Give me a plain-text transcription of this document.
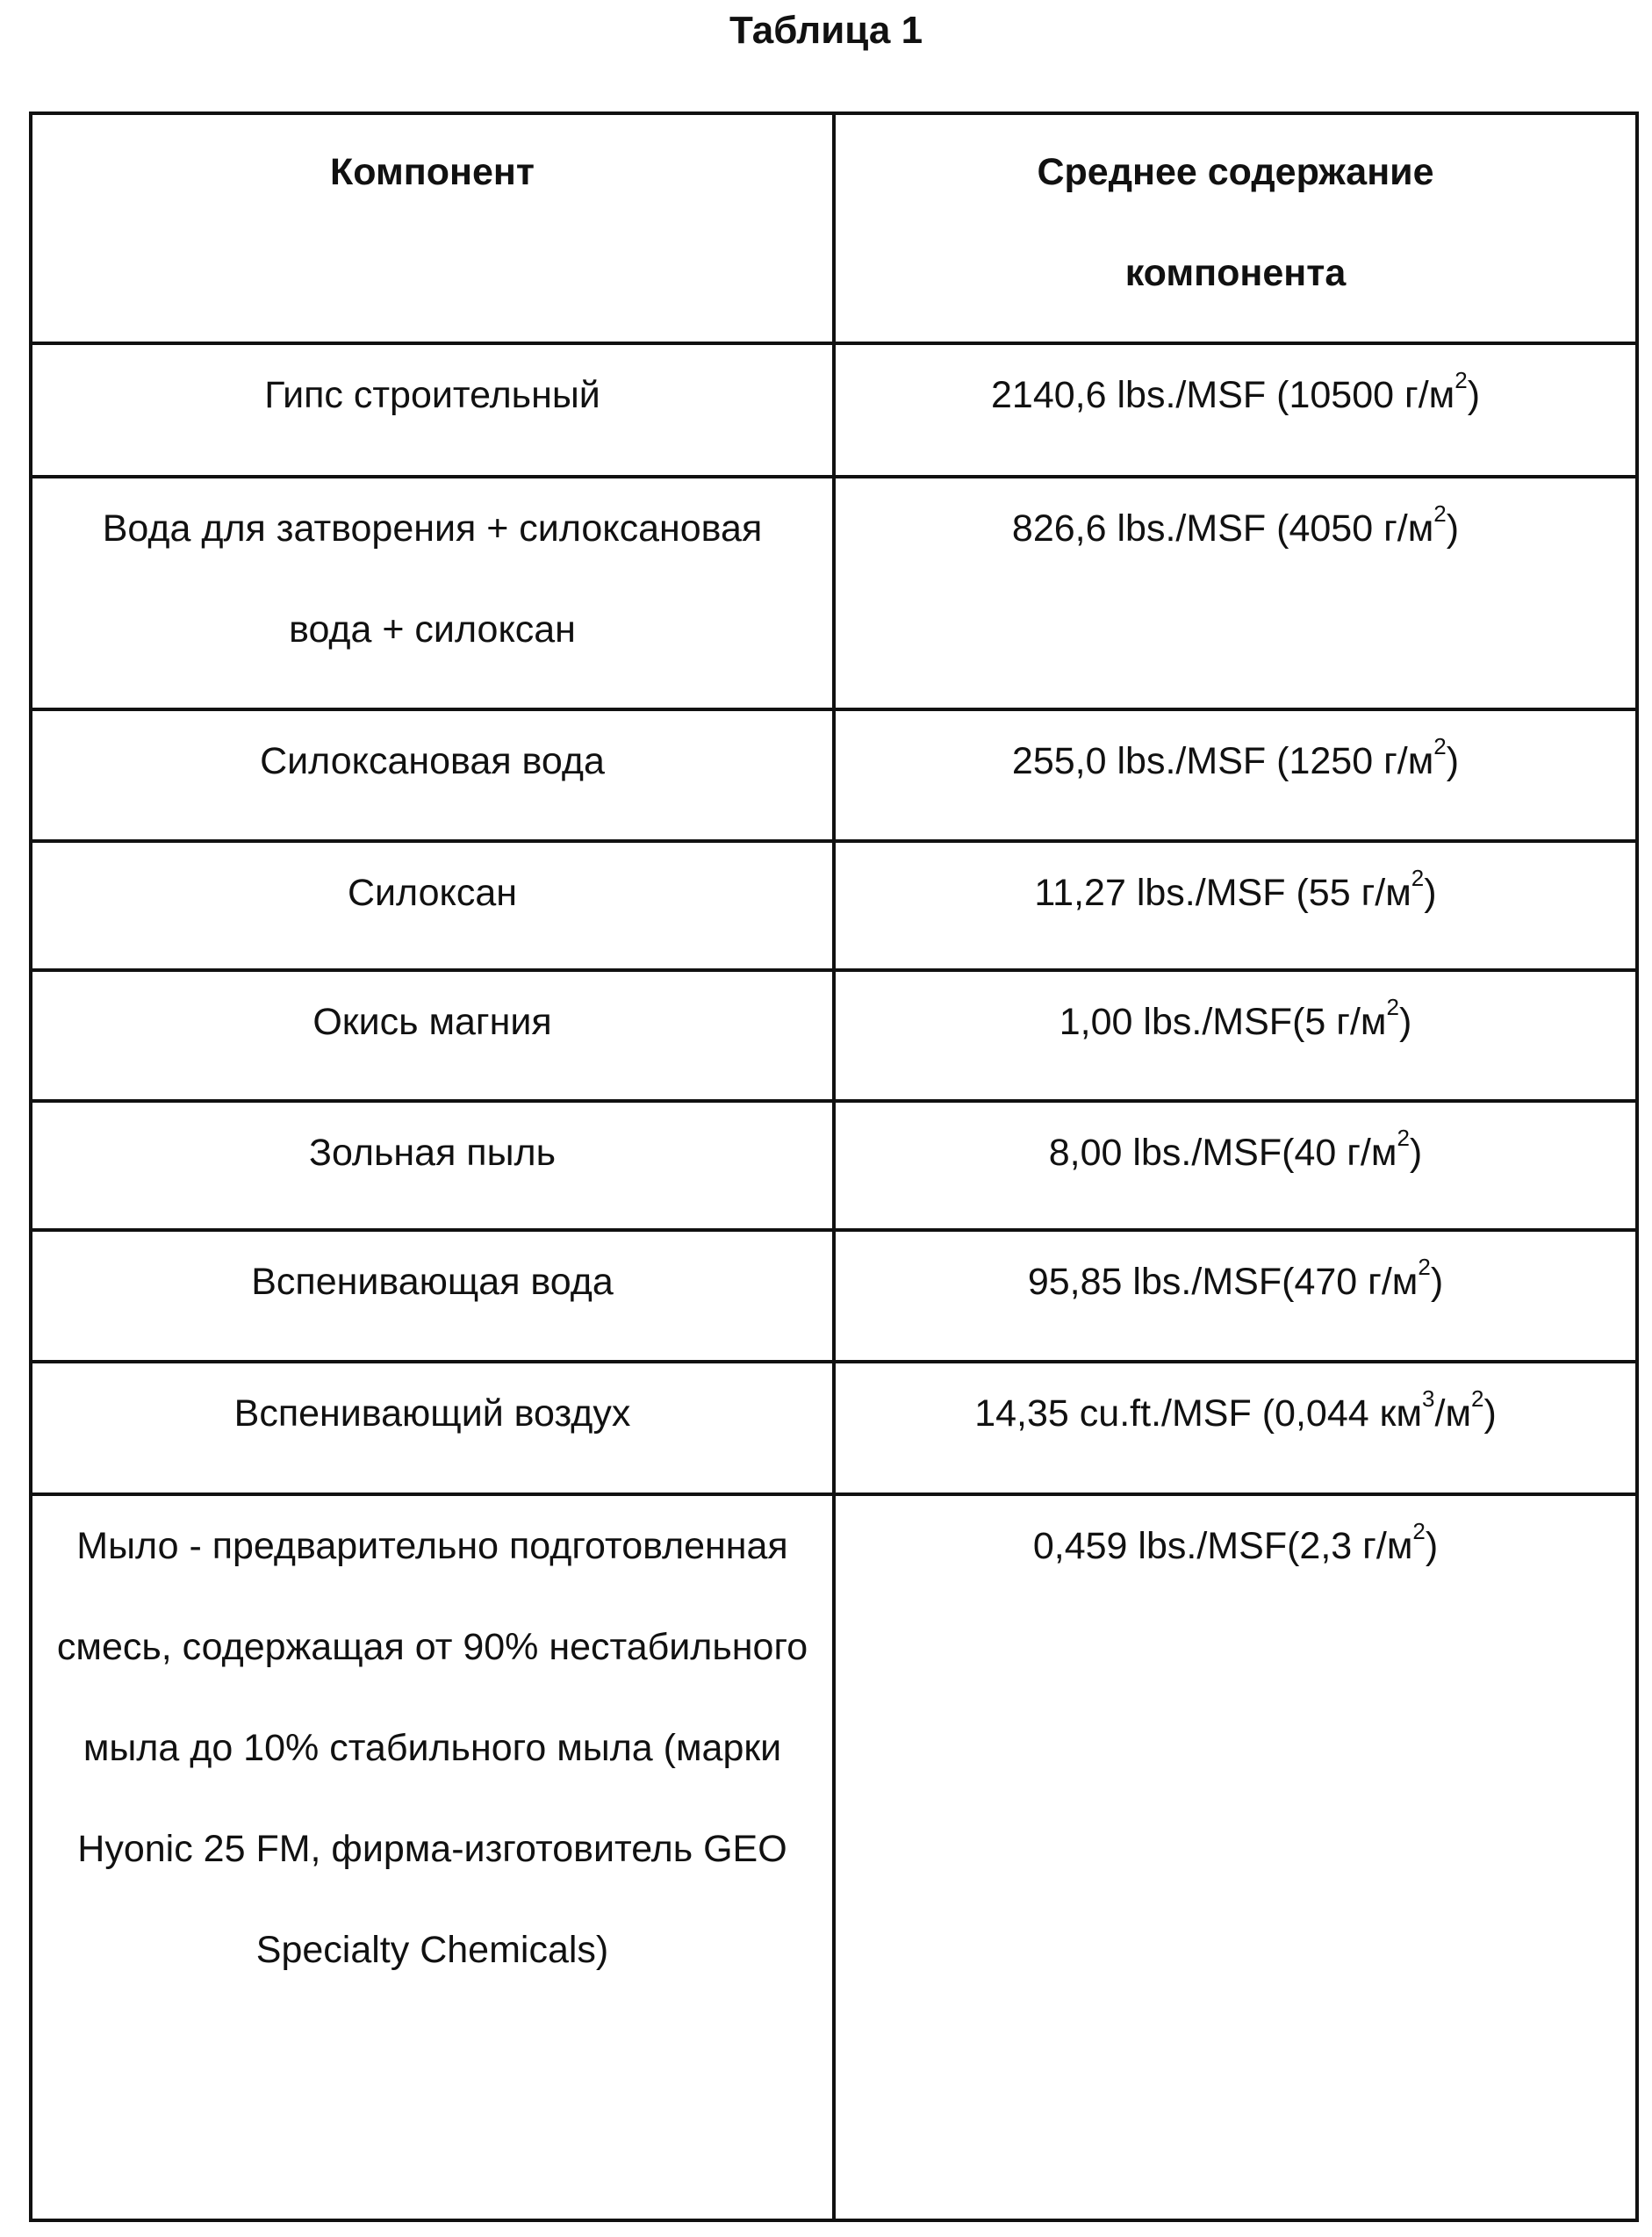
Таблица 1
Компонент	Среднее содержание компонента
Гипс строительный	2140,6 lbs./MSF (10500 г/м2)
Вода для затворения + силоксановая вода + силоксан	826,6 lbs./MSF (4050 г/м2)
Силоксановая вода	255,0 lbs./MSF (1250 г/м2)
Силоксан	11,27 lbs./MSF (55 г/м2)
Окись магния	1,00 lbs./MSF(5 г/м2)
Зольная пыль	8,00 lbs./MSF(40 г/м2)
Вспенивающая вода	95,85 lbs./MSF(470 г/м2)
Вспенивающий воздух	14,35 cu.ft./MSF (0,044 км3/м2)
Мыло - предварительно подготовленная смесь, содержащая от 90% нестабильного мыла до 10% стабильного мыла (марки Hyonic 25 FM, фирма-изготовитель GEO Specialty Chemicals)	0,459 lbs./MSF(2,3 г/м2)
